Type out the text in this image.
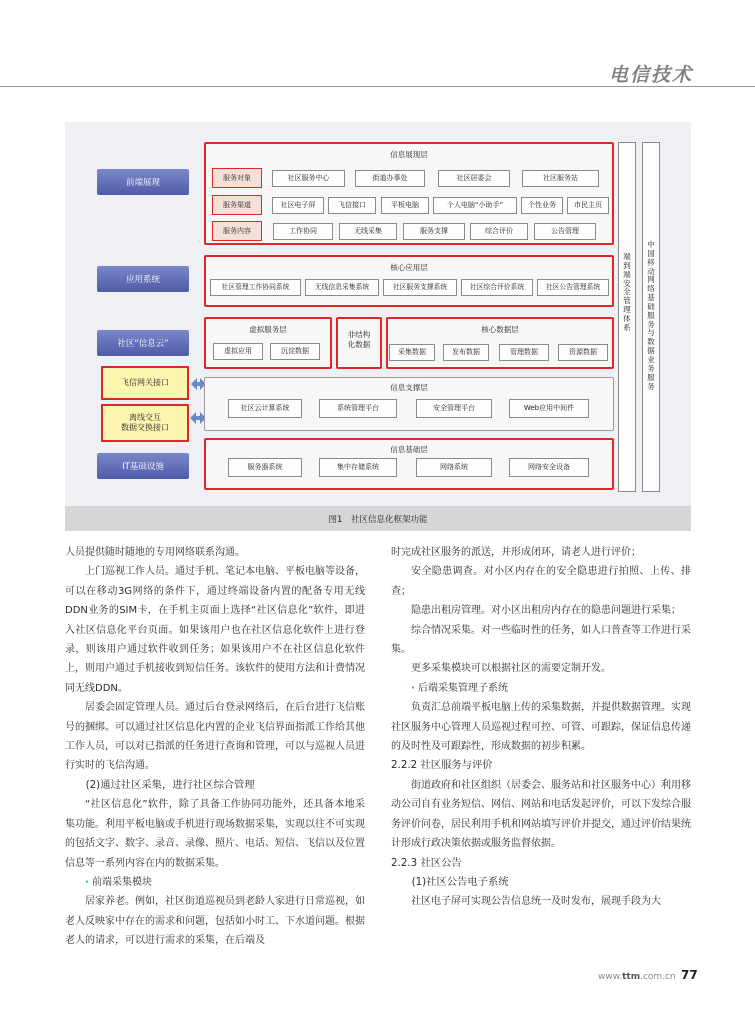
电信技术
前端展现
应用系统
社区“信息云”
飞信网关接口
离线交互
数据交换接口
IT基础设施
信息展现层
服务对象	社区服务中心	街道办事处	社区居委会	社区服务站
服务渠道	社区电子屏	飞信接口	平板电脑	个人电脑“小助手”	个性业务	市民主页
服务内容	工作协同	无线采集	服务支撑	综合评价	公告管理
核心应用层
社区管理工作协同系统	无线信息采集系统	社区服务支撑系统	社区综合评价系统	社区公告管理系统
虚拟服务层
虚拟应用	沉淀数据
非结构
化数据
核心数据层
采集数据	发布数据	管理数据	资源数据
信息支撑层
社区云计算系统	系统管理平台	安全管理平台	Web应用中间件
信息基础层
服务器系统	集中存储系统	网络系统	网络安全设备
端到端安全管理体系
中国移动网络基础服务与数据业务服务
图1　社区信息化框架功能

人员提供随时随地的专用网络联系沟通。

上门巡视工作人员。通过手机、笔记本电脑、平板电脑等设备，可以在移动3G网络的条件下，通过终端设备内置的配备专用无线DDN业务的SIM卡，在手机主页面上选择“社区信息化”软件，即进入社区信息化平台页面。如果该用户也在社区信息化软件上进行登录，则该用户通过软件收到任务；如果该用户不在社区信息化软件上，则用户通过手机接收到短信任务。该软件的使用方法和计费情况同无线DDN。

居委会固定管理人员。通过后台登录网络后，在后台进行飞信账号的捆绑。可以通过社区信息化内置的企业飞信界面指派工作给其他工作人员，可以对已指派的任务进行查询和管理，可以与巡视人员进行实时的飞信沟通。

(2)通过社区采集，进行社区综合管理

“社区信息化”软件，除了具备工作协同功能外，还具备本地采集功能。利用平板电脑或手机进行现场数据采集，实现以往不可实现的包括文字、数字、录音、录像、照片、电话、短信、飞信以及位置信息等一系列内容在内的数据采集。

· 前端采集模块

居家养老。例如，社区街道巡视员到老龄人家进行日常巡视，如老人反映家中存在的需求和问题，包括如小时工、下水道问题。根据老人的请求，可以进行需求的采集，在后端及

时完成社区服务的派送，并形成闭环，请老人进行评价；

安全隐患调查。对小区内存在的安全隐患进行拍照、上传、排查；

隐患出租房管理。对小区出租房内存在的隐患问题进行采集；

综合情况采集。对一些临时性的任务，如人口普查等工作进行采集。

更多采集模块可以根据社区的需要定制开发。

· 后端采集管理子系统

负责汇总前端平板电脑上传的采集数据，并提供数据管理。实现社区服务中心管理人员巡视过程可控、可管、可跟踪，保证信息传递的及时性及可跟踪性，形成数据的初步积累。

2.2.2 社区服务与评价

街道政府和社区组织（居委会、服务站和社区服务中心）利用移动公司自有业务短信、网信、网站和电话发起评价，可以下发综合服务评价问卷，居民利用手机和网站填写评价并提交，通过评价结果统计形成行政决策依据或服务监督依据。

2.2.3 社区公告

(1)社区公告电子系统

社区电子屏可实现公告信息统一及时发布，展现手段为大

www.ttm.com.cn 77
